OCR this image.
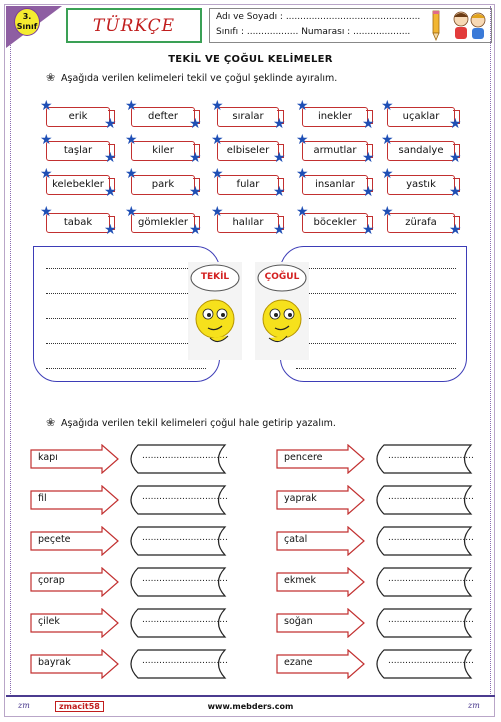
3.
Sınıf	TÜRKÇE	Adı ve Soyadı : ...............................................
Sınıfı : .................. Numarası : ....................
TEKİL VE ÇOĞUL KELİMELER
❀ Aşağıda verilen kelimeleri tekil ve çoğul şeklinde ayıralım.
erik
★
★	defter
★
★	sıralar
★
★	inekler
★
★	uçaklar
★
★
taşlar
★
★	kiler
★
★	elbiseler
★
★	armutlar
★
★	sandalye
★
★
kelebekler
★
★	park
★
★	fular
★
★	insanlar
★
★	yastık
★
★
tabak
★
★	gömlekler
★
★	halılar
★
★	böcekler
★
★	zürafa
★
★
TEKİL	ÇOĞUL
❀ Aşağıda verilen tekil kelimeleri çoğul hale getirip yazalım.
kapı	..............................	pencere	..............................
fil	..............................	yaprak	..............................
peçete	..............................	çatal	..............................
çorap	..............................	ekmek	..............................
çilek	..............................	soğan	..............................
bayrak	..............................	ezane	..............................
zm	zmacit58	www.mebders.com	zm
